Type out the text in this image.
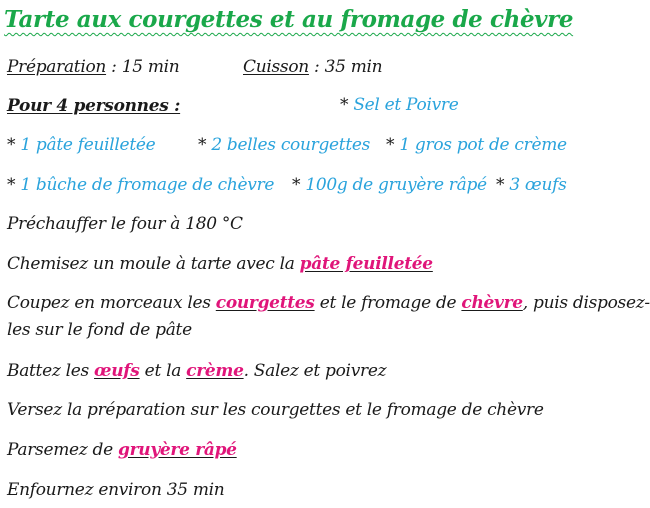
Tarte aux courgettes et au fromage de chèvre
Préparation : 15 min	Cuisson : 35 min
Pour 4 personnes :	* Sel et Poivre
* 1 pâte feuilletée	* 2 belles courgettes * 1 gros pot de crème
* 1 bûche de fromage de chèvre * 100g de gruyère râpé * 3 œufs
Préchauffer le four à 180 °C
Chemisez un moule à tarte avec la pâte feuilletée
Coupez en morceaux les courgettes et le fromage de chèvre, puis disposez-
les sur le fond de pâte
Battez les œufs et la crème. Salez et poivrez
Versez la préparation sur les courgettes et le fromage de chèvre
Parsemez de gruyère râpé
Enfournez environ 35 min
